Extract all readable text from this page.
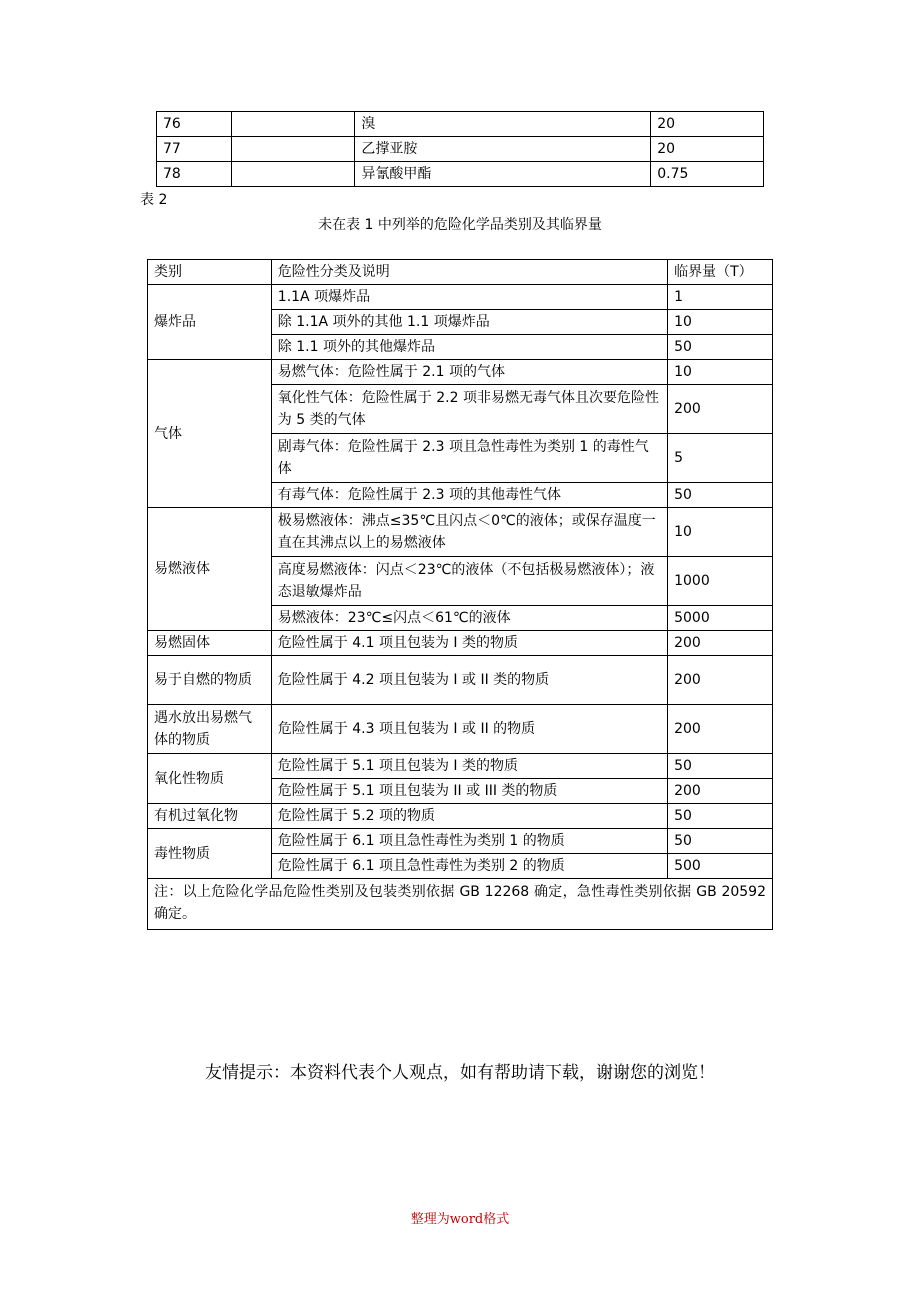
76		溴	20
77		乙撑亚胺	20
78		异氰酸甲酯	0.75
表 2
未在表 1 中列举的危险化学品类别及其临界量
类别	危险性分类及说明	临界量（T）
爆炸品	1.1A 项爆炸品	1
	除 1.1A 项外的其他 1.1 项爆炸品	10
	除 1.1 项外的其他爆炸品	50
气体	易燃气体：危险性属于 2.1 项的气体	10
	氧化性气体：危险性属于 2.2 项非易燃无毒气体且次要危险性为 5 类的气体	200
	剧毒气体：危险性属于 2.3 项且急性毒性为类别 1 的毒性气体	5
	有毒气体：危险性属于 2.3 项的其他毒性气体	50
易燃液体	极易燃液体：沸点≤35℃且闪点＜0℃的液体；或保存温度一直在其沸点以上的易燃液体	10
	高度易燃液体：闪点＜23℃的液体（不包括极易燃液体）；液态退敏爆炸品	1000
	易燃液体：23℃≤闪点＜61℃的液体	5000
易燃固体	危险性属于 4.1 项且包装为 I 类的物质	200
易于自燃的物质	危险性属于 4.2 项且包装为 I 或 II 类的物质	200
遇水放出易燃气体的物质	危险性属于 4.3 项且包装为 I 或 II 的物质	200
氧化性物质	危险性属于 5.1 项且包装为 I 类的物质	50
	危险性属于 5.1 项且包装为 II 或 III 类的物质	200
有机过氧化物	危险性属于 5.2 项的物质	50
毒性物质	危险性属于 6.1 项且急性毒性为类别 1 的物质	50
	危险性属于 6.1 项且急性毒性为类别 2 的物质	500
注：以上危险化学品危险性类别及包装类别依据 GB 12268 确定，急性毒性类别依据 GB 20592 确定。		
友情提示：本资料代表个人观点，如有帮助请下载，谢谢您的浏览！
整理为word格式
